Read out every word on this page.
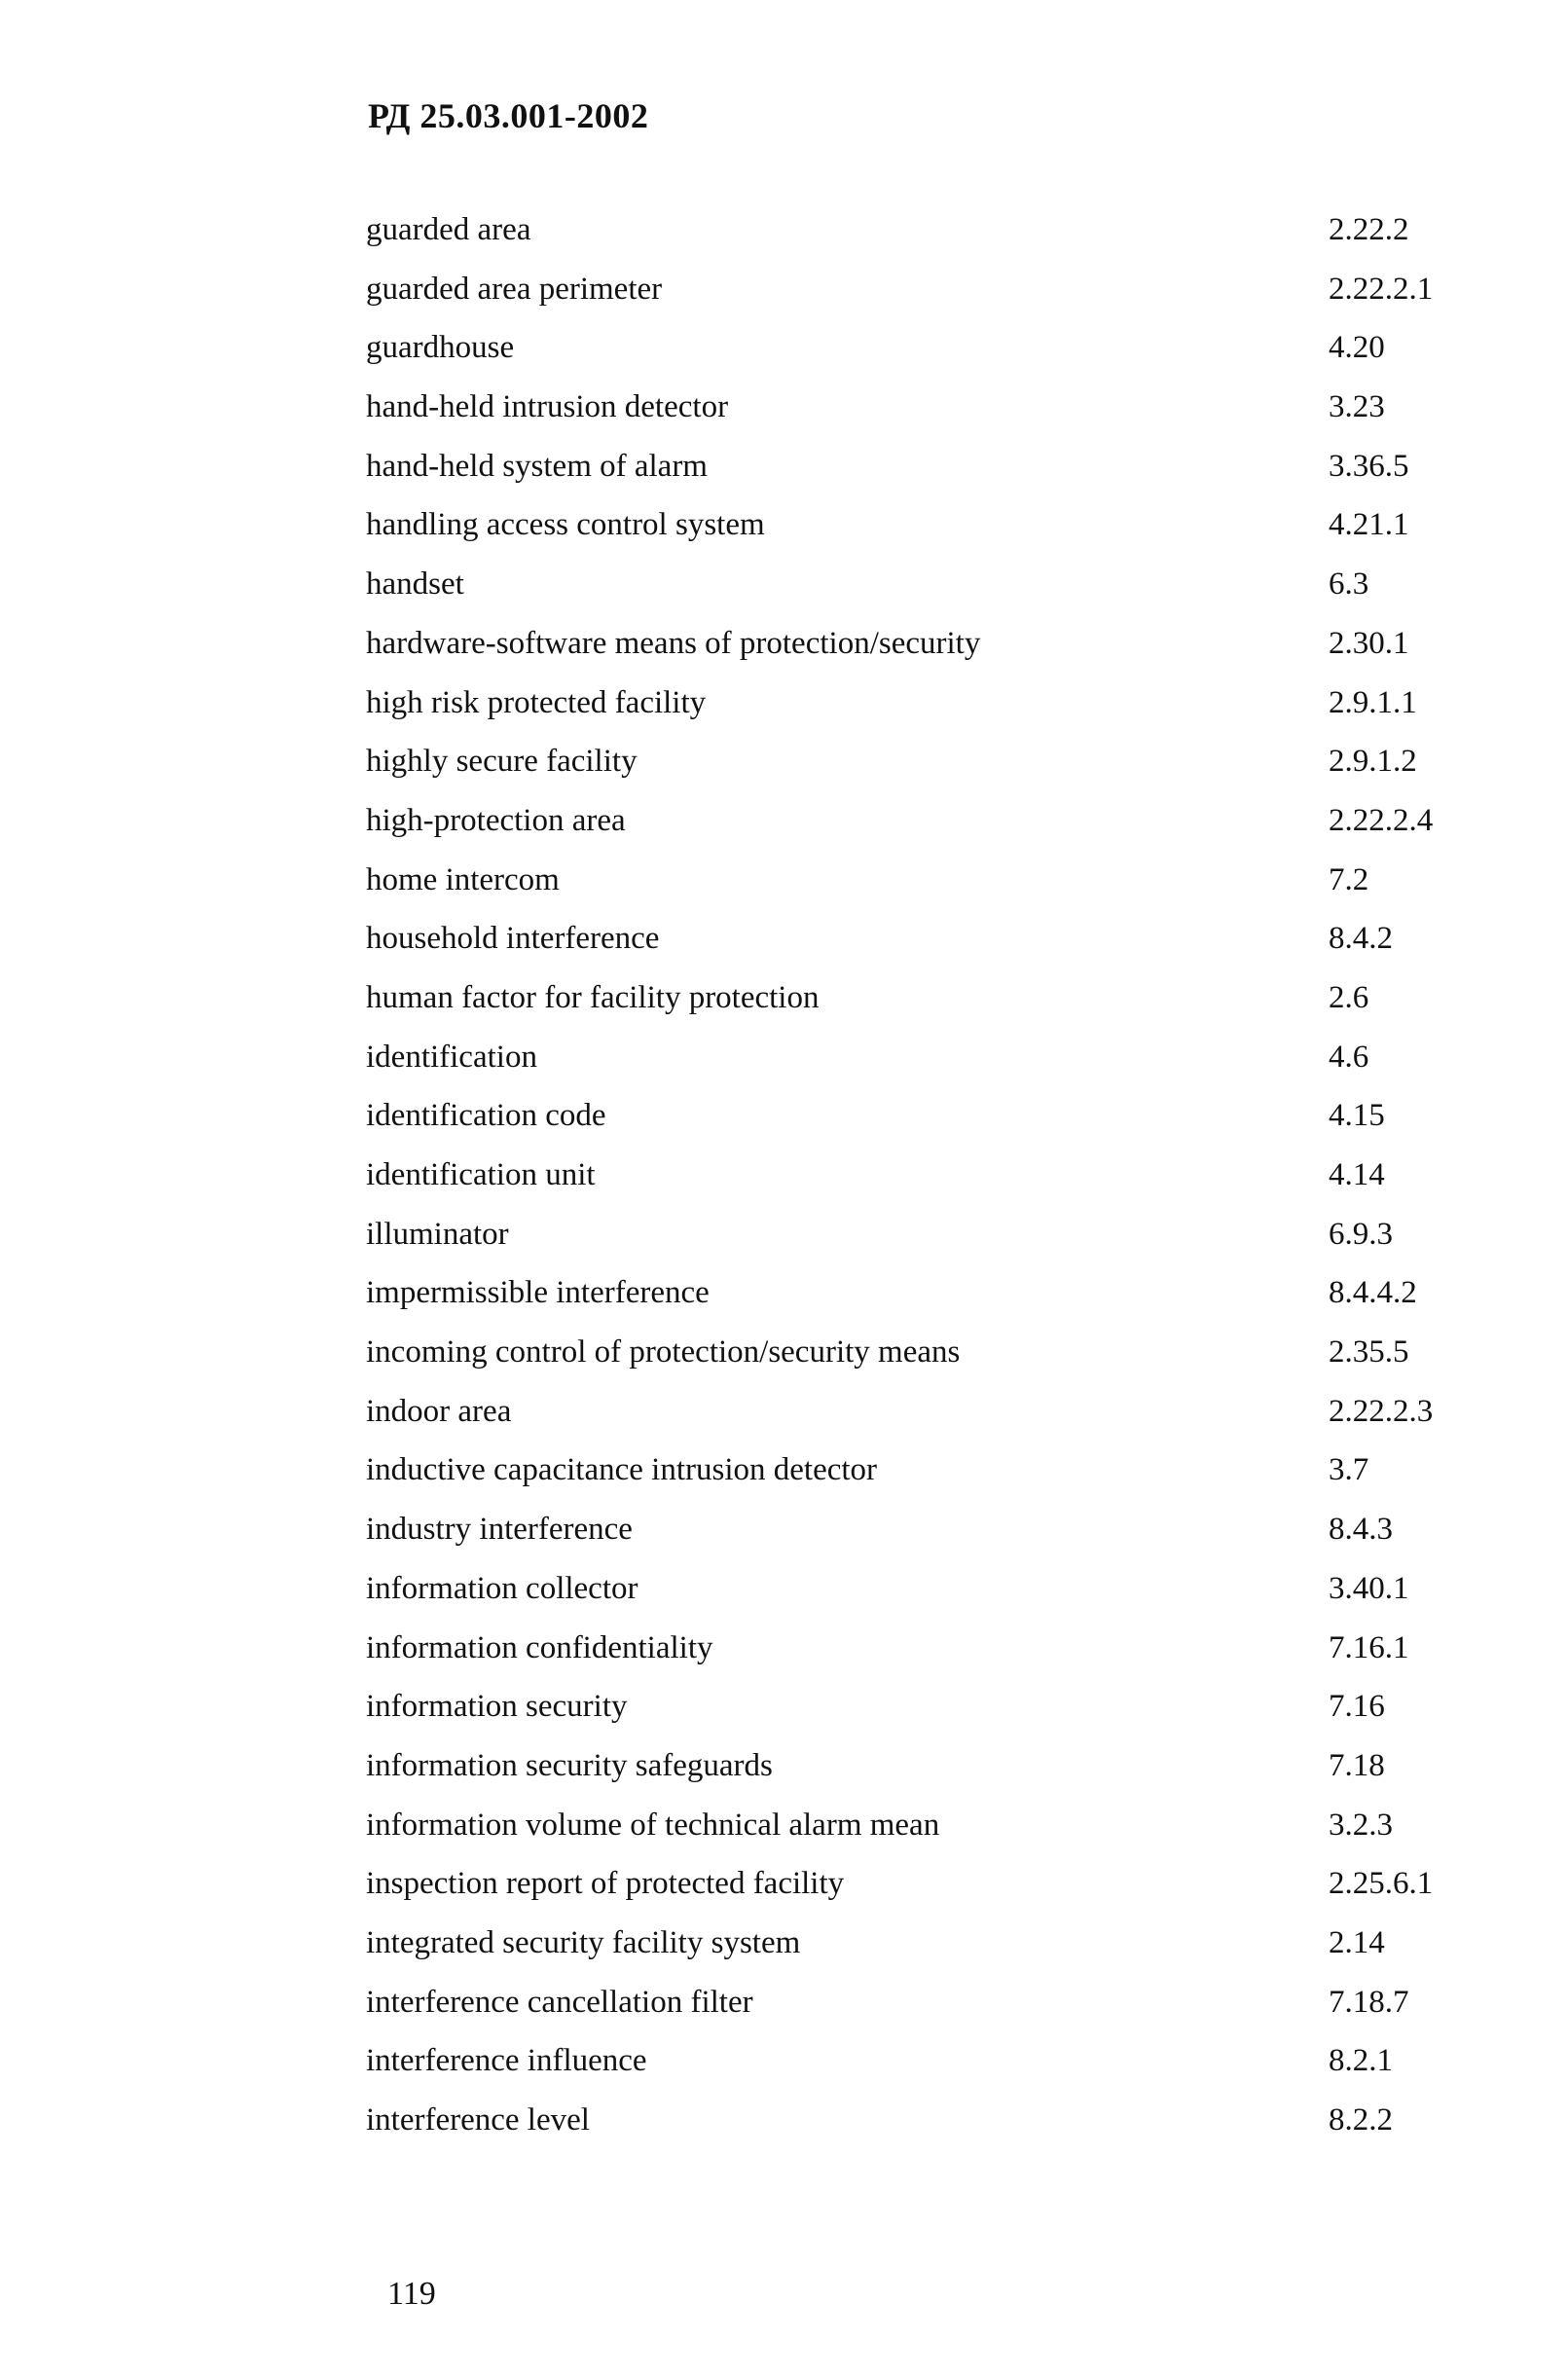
РД 25.03.001-2002
guarded area	2.22.2
guarded area perimeter	2.22.2.1
guardhouse	4.20
hand-held intrusion detector	3.23
hand-held system of alarm	3.36.5
handling access control system	4.21.1
handset	6.3
hardware-software means of protection/security	2.30.1
high risk protected facility	2.9.1.1
highly secure facility	2.9.1.2
high-protection area	2.22.2.4
home intercom	7.2
household interference	8.4.2
human factor for facility protection	2.6
identification	4.6
identification code	4.15
identification unit	4.14
illuminator	6.9.3
impermissible interference	8.4.4.2
incoming control of protection/security means	2.35.5
indoor area	2.22.2.3
inductive capacitance intrusion detector	3.7
industry interference	8.4.3
information collector	3.40.1
information confidentiality	7.16.1
information security	7.16
information security safeguards	7.18
information volume of technical alarm mean	3.2.3
inspection report of protected facility	2.25.6.1
integrated security facility system	2.14
interference cancellation filter	7.18.7
interference influence	8.2.1
interference level	8.2.2
119
